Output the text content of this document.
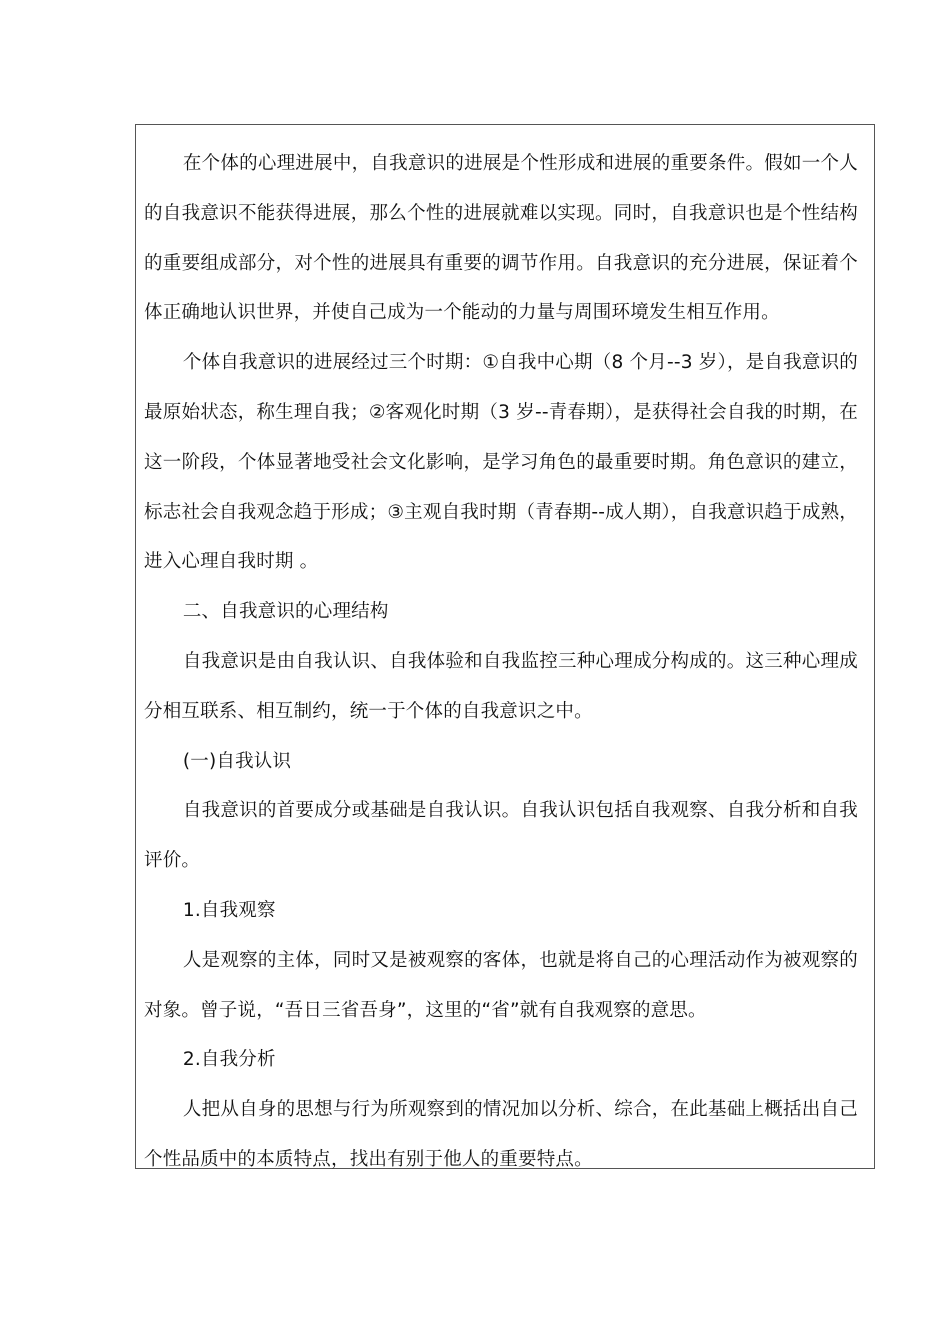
在个体的心理进展中，自我意识的进展是个性形成和进展的重要条件。假如一个人的自我意识不能获得进展，那么个性的进展就难以实现。同时，自我意识也是个性结构的重要组成部分，对个性的进展具有重要的调节作用。自我意识的充分进展，保证着个体正确地认识世界，并使自己成为一个能动的力量与周围环境发生相互作用。

个体自我意识的进展经过三个时期：①自我中心期（8 个月--3 岁），是自我意识的最原始状态，称生理自我；②客观化时期（3 岁--青春期），是获得社会自我的时期，在这一阶段，个体显著地受社会文化影响，是学习角色的最重要时期。角色意识的建立，标志社会自我观念趋于形成；③主观自我时期（青春期--成人期），自我意识趋于成熟，进入心理自我时期 。

二、自我意识的心理结构

自我意识是由自我认识、自我体验和自我监控三种心理成分构成的。这三种心理成分相互联系、相互制约，统一于个体的自我意识之中。

(一)自我认识

自我意识的首要成分或基础是自我认识。自我认识包括自我观察、自我分析和自我评价。

1.自我观察

人是观察的主体，同时又是被观察的客体，也就是将自己的心理活动作为被观察的对象。曾子说，“吾日三省吾身”，这里的“省”就有自我观察的意思。

2.自我分析

人把从自身的思想与行为所观察到的情况加以分析、综合，在此基础上概括出自己个性品质中的本质特点，找出有别于他人的重要特点。
